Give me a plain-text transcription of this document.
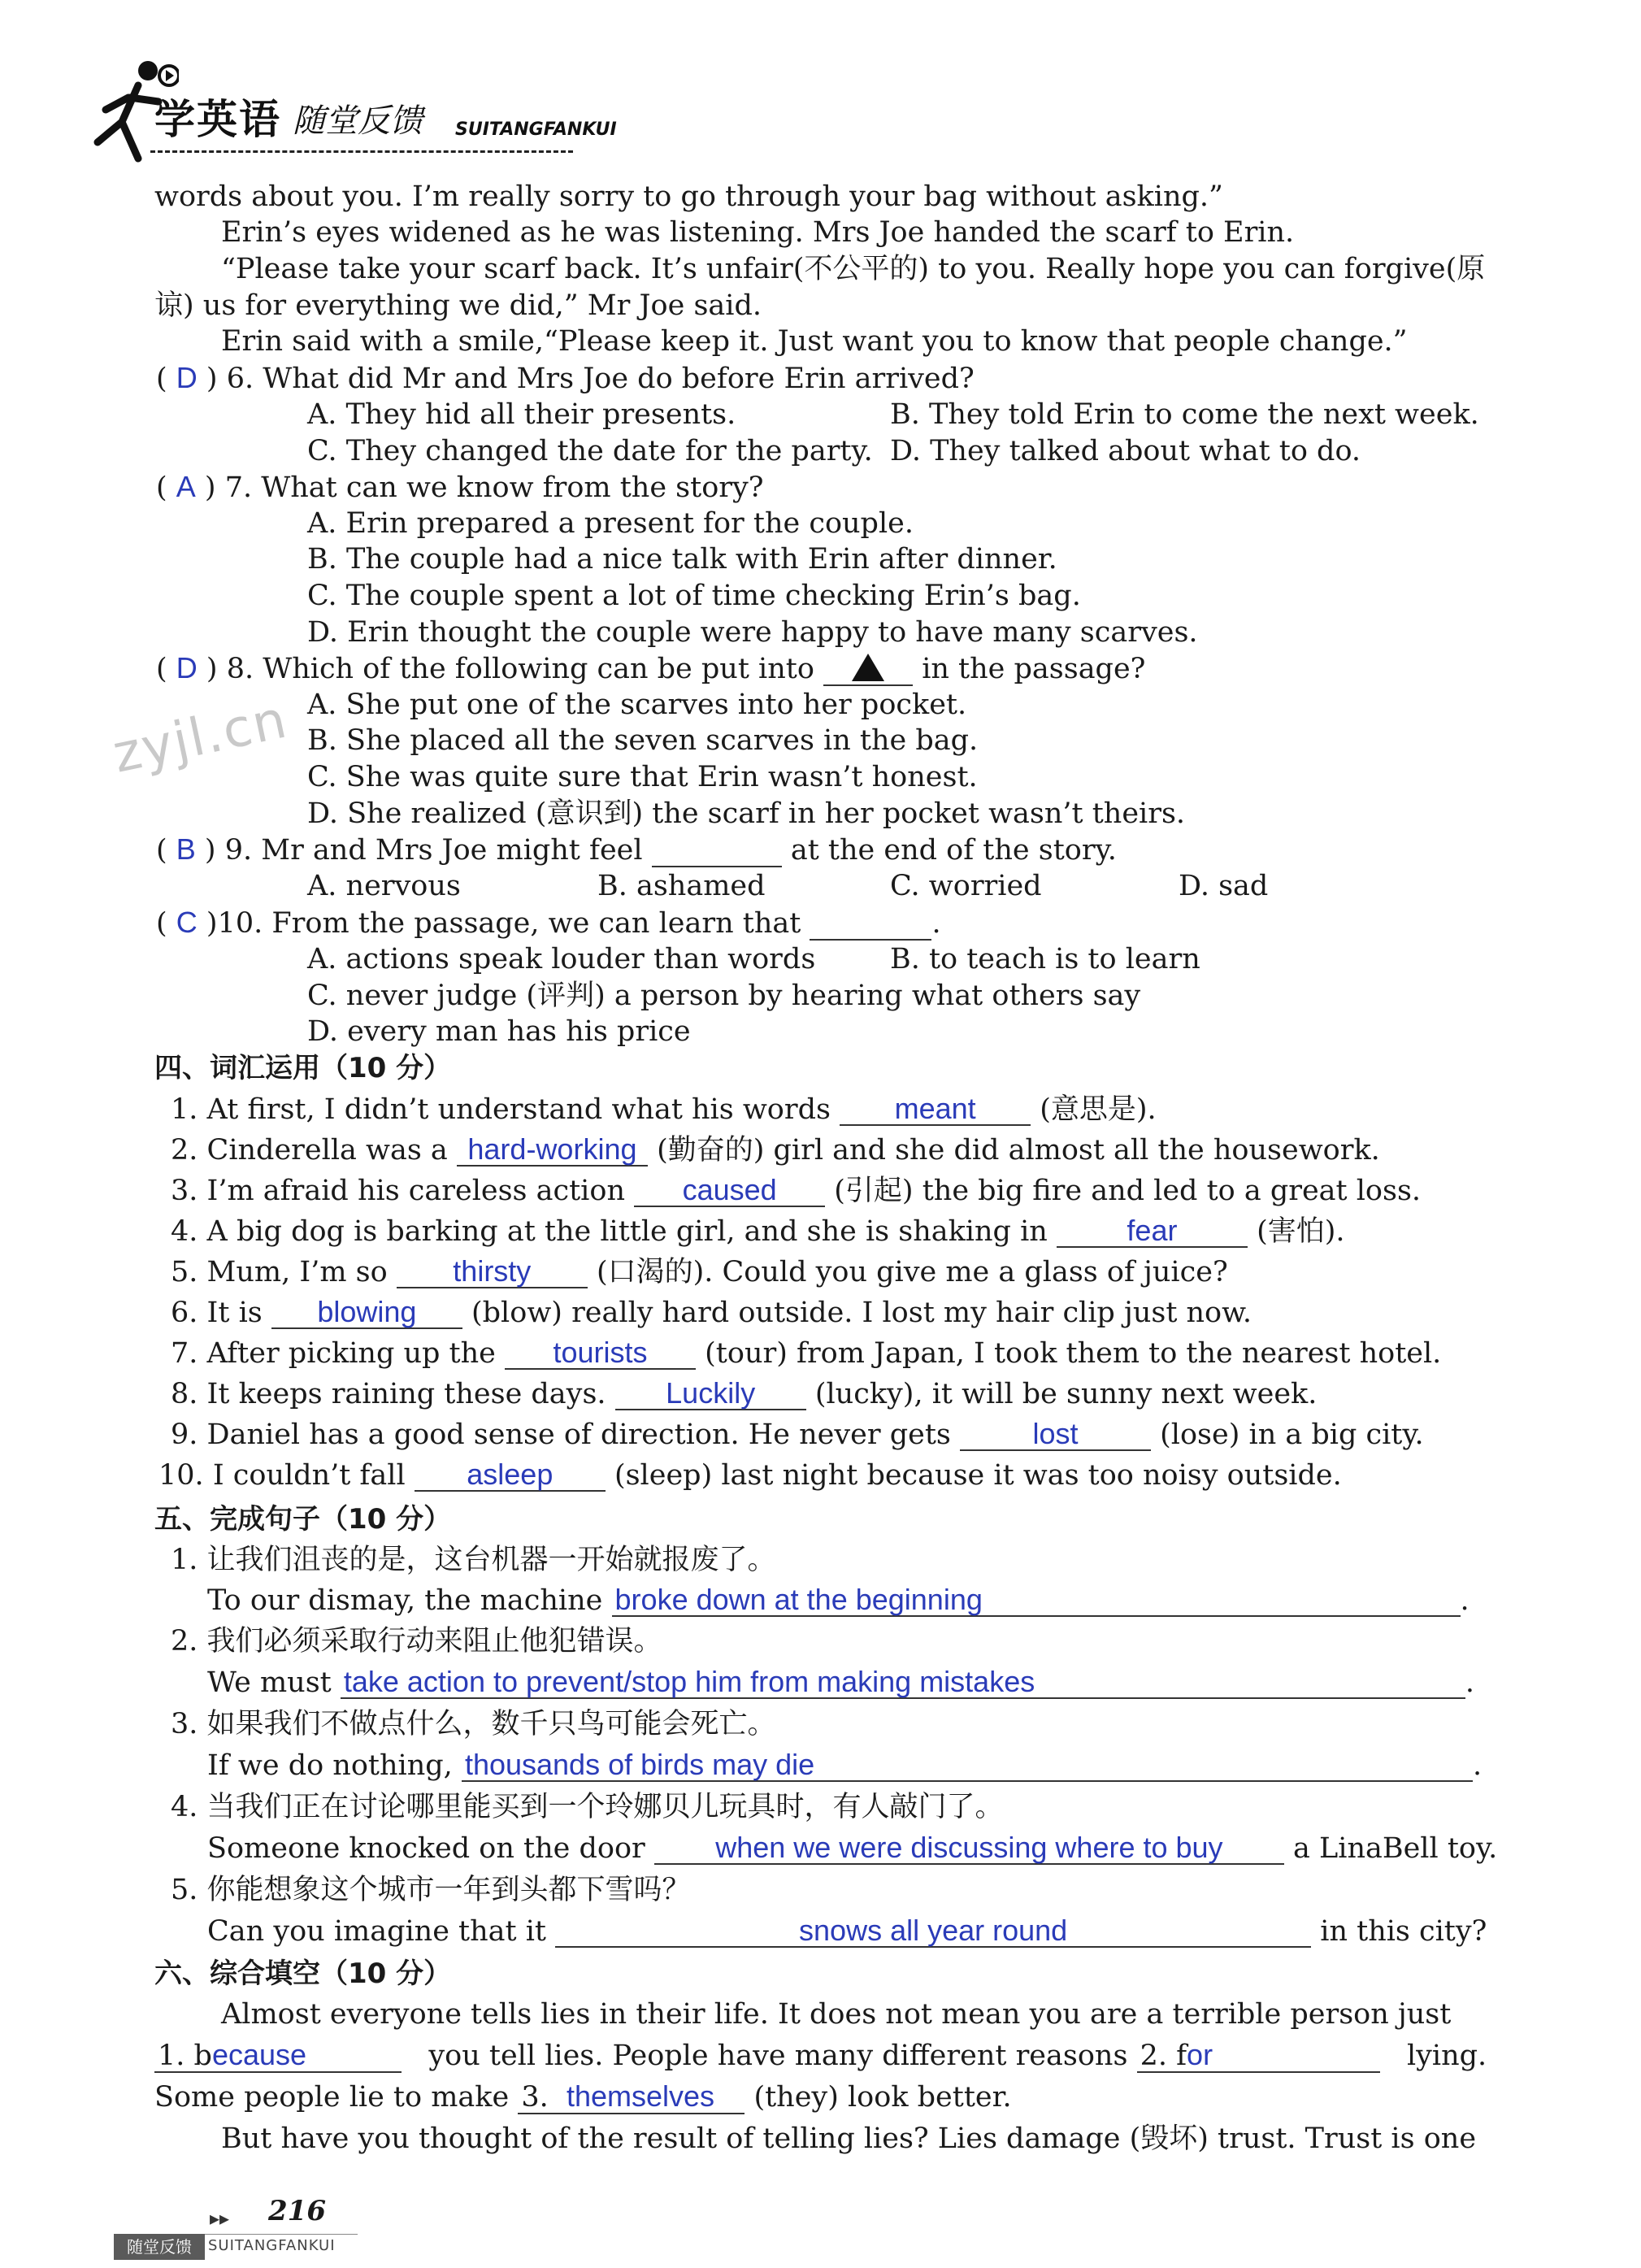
学英语 随堂反馈 SUITANGFANKUI
zyjl.cn
words about you. I’m really sorry to go through your bag without asking.”
Erin’s eyes widened as he was listening. Mrs Joe handed the scarf to Erin.
“Please take your scarf back. It’s unfair(不公平的) to you. Really hope you can forgive(原
谅) us for everything we did,” Mr Joe said.
Erin said with a smile,“Please keep it. Just want you to know that people change.”
( D ) 6. What did Mr and Mrs Joe do before Erin arrived?
A. They hid all their presents.	B. They told Erin to come the next week.
C. They changed the date for the party. D. They talked about what to do.
( A ) 7. What can we know from the story?
A. Erin prepared a present for the couple.
B. The couple had a nice talk with Erin after dinner.
C. The couple spent a lot of time checking Erin’s bag.
D. Erin thought the couple were happy to have many scarves.
( D ) 8. Which of the following can be put into	in the passage?
A. She put one of the scarves into her pocket.
B. She placed all the seven scarves in the bag.
C. She was quite sure that Erin wasn’t honest.
D. She realized (意识到) the scarf in her pocket wasn’t theirs.
( B ) 9. Mr and Mrs Joe might feel	at the end of the story.
A. nervous	B. ashamed	C. worried	D. sad
( C )10. From the passage, we can learn that	.
A. actions speak louder than words	B. to teach is to learn
C. never judge (评判) a person by hearing what others say
D. every man has his price
四、词汇运用（10 分）
1. At first, I didn’t understand what his words meant (意思是).
2. Cinderella was a hard-working (勤奋的) girl and she did almost all the housework.
3. I’m afraid his careless action caused (引起) the big fire and led to a great loss.
4. A big dog is barking at the little girl, and she is shaking in	fear	(害怕).
5. Mum, I’m so thirsty (口渴的). Could you give me a glass of juice?
6. It is blowing (blow) really hard outside. I lost my hair clip just now.
7. After picking up the tourists (tour) from Japan, I took them to the nearest hotel.
8. It keeps raining these days. Luckily (lucky), it will be sunny next week.
9. Daniel has a good sense of direction. He never gets	lost	(lose) in a big city.
10. I couldn’t fall asleep (sleep) last night because it was too noisy outside.
五、完成句子（10 分）
1. 让我们沮丧的是，这台机器一开始就报废了。
To our dismay, the machine broke down at the beginning	.
2. 我们必须采取行动来阻止他犯错误。
We must take action to prevent/stop him from making mistakes	.
3. 如果我们不做点什么，数千只鸟可能会死亡。
If we do nothing, thousands of birds may die	.
4. 当我们正在讨论哪里能买到一个玲娜贝儿玩具时，有人敲门了。
Someone knocked on the door when we were discussing where to buy a LinaBell toy.
5. 你能想象这个城市一年到头都下雪吗？
Can you imagine that it	snows all year round	in this city?
六、综合填空（10 分）
Almost everyone tells lies in their life. It does not mean you are a terrible person just
1. because	you tell lies. People have many different reasons 2. for	lying.
Some people lie to make 3. themselves (they) look better.
But have you thought of the result of telling lies? Lies damage (毁坏) trust. Trust is one
▸▸ 216
随堂反馈	SUITANGFANKUI
